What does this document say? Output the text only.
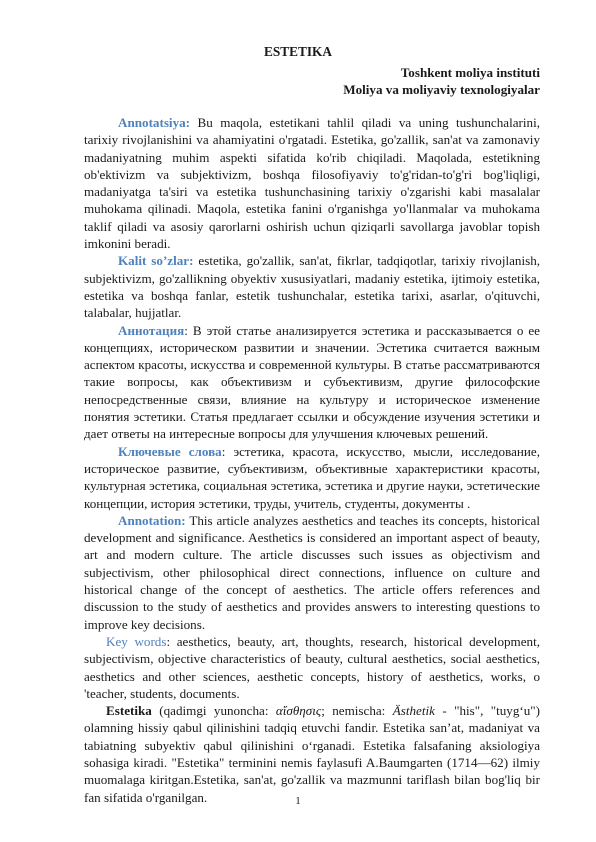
ESTETIKA
Toshkent moliya instituti
Moliya va moliyaviy texnologiyalar

Annotatsiya: Bu maqola, estetikani tahlil qiladi va uning tushunchalarini, tarixiy rivojlanishini va ahamiyatini o'rgatadi. Estetika, go'zallik, san'at va zamonaviy madaniyatning muhim aspekti sifatida ko'rib chiqiladi. Maqolada, estetikning ob'ektivizm va subjektivizm, boshqa filosofiyaviy to'g'ridan-to'g'ri bog'liqligi, madaniyatga ta'siri va estetika tushunchasining tarixiy o'zgarishi kabi masalalar muhokama qilinadi. Maqola, estetika fanini o'rganishga yo'llanmalar va muhokama taklif qiladi va asosiy qarorlarni oshirish uchun qiziqarli savollarga javoblar topish imkonini beradi.

Kalit so’zlar: estetika, go'zallik, san'at, fikrlar, tadqiqotlar, tarixiy rivojlanish, subjektivizm, go'zallikning obyektiv xususiyatlari, madaniy estetika, ijtimoiy estetika, estetika va boshqa fanlar, estetik tushunchalar, estetika tarixi, asarlar, o'qituvchi, talabalar, hujjatlar.

Аннотация: В этой статье анализируется эстетика и рассказывается о ее концепциях, историческом развитии и значении. Эстетика считается важным аспектом красоты, искусства и современной культуры. В статье рассматриваются такие вопросы, как объективизм и субъективизм, другие философские непосредственные связи, влияние на культуру и историческое изменение понятия эстетики. Статья предлагает ссылки и обсуждение изучения эстетики и дает ответы на интересные вопросы для улучшения ключевых решений.

Ключевые слова: эстетика, красота, искусство, мысли, исследование, историческое развитие, субъективизм, объективные характеристики красоты, культурная эстетика, социальная эстетика, эстетика и другие науки, эстетические концепции, история эстетики, труды, учитель, студенты, документы .

Annotation: This article analyzes aesthetics and teaches its concepts, historical development and significance. Aesthetics is considered an important aspect of beauty, art and modern culture. The article discusses such issues as objectivism and subjectivism, other philosophical direct connections, influence on culture and historical change of the concept of aesthetics. The article offers references and discussion to the study of aesthetics and provides answers to interesting questions to improve key decisions.

Key words: aesthetics, beauty, art, thoughts, research, historical development, subjectivism, objective characteristics of beauty, cultural aesthetics, social aesthetics, aesthetics and other sciences, aesthetic concepts, history of aesthetics, works, o 'teacher, students, documents.

Estetika (qadimgi yunoncha: αἴσθησις; nemischa: Ästhetik - "his", "tuyg‘u") olamning hissiy qabul qilinishini tadqiq etuvchi fandir. Estetika san’at, madaniyat va tabiatning subyektiv qabul qilinishini o‘rganadi. Estetika falsafaning aksiologiya sohasiga kiradi. "Estetika" terminini nemis faylasufi A.Baumgarten (1714—62) ilmiy muomalaga kiritgan.Estetika, san'at, go'zallik va mazmunni tariflash bilan bog'liq bir fan sifatida o'rganilgan.	1
